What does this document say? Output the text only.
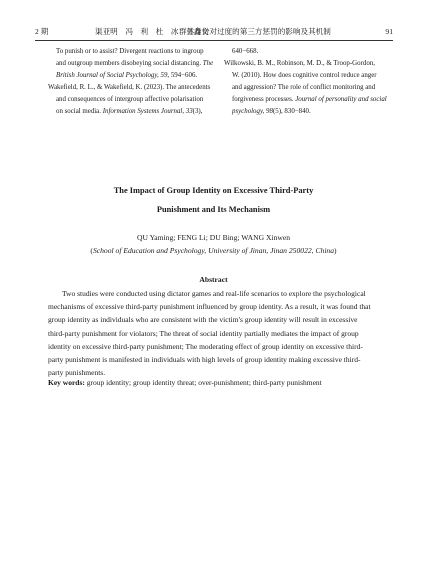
2 期	渠亚明　冯　利　杜　冰　王鑫文
群体身份对过度的第三方惩罚的影响及其机制	91
To punish or to assist? Divergent reactions to ingroup
and outgroup members disobeying social distancing. The
British Journal of Social Psychology, 59, 594−606.
Wakefield, R. L., & Wakefield, K. (2023). The antecedents
and consequences of intergroup affective polarisation
on social media. Information Systems Journal, 33(3),
640−668.
Wilkowski, B. M., Robinson, M. D., & Troop-Gordon,
W. (2010). How does cognitive control reduce anger
and aggression? The role of conflict monitoring and
forgiveness processes. Journal of personality and social
psychology, 98(5), 830−840.
The Impact of Group Identity on Excessive Third-Party
Punishment and Its Mechanism
QU Yaming; FENG Li; DU Bing; WANG Xinwen
(School of Education and Psychology, University of Jinan, Jinan 250022, China)
Abstract
Two studies were conducted using dictator games and real-life scenarios to explore the psychological
mechanisms of excessive third-party punishment influenced by group identity. As a result, it was found that
group identity as individuals who are consistent with the victim's group identity will result in excessive
third-party punishment for violators; The threat of social identity partially mediates the impact of group
identity on excessive third-party punishment; The moderating effect of group identity on excessive third-
party punishment is manifested in individuals with high levels of group identity making excessive third-
party punishments.
Key words: group identity; group identity threat; over-punishment; third-party punishment
